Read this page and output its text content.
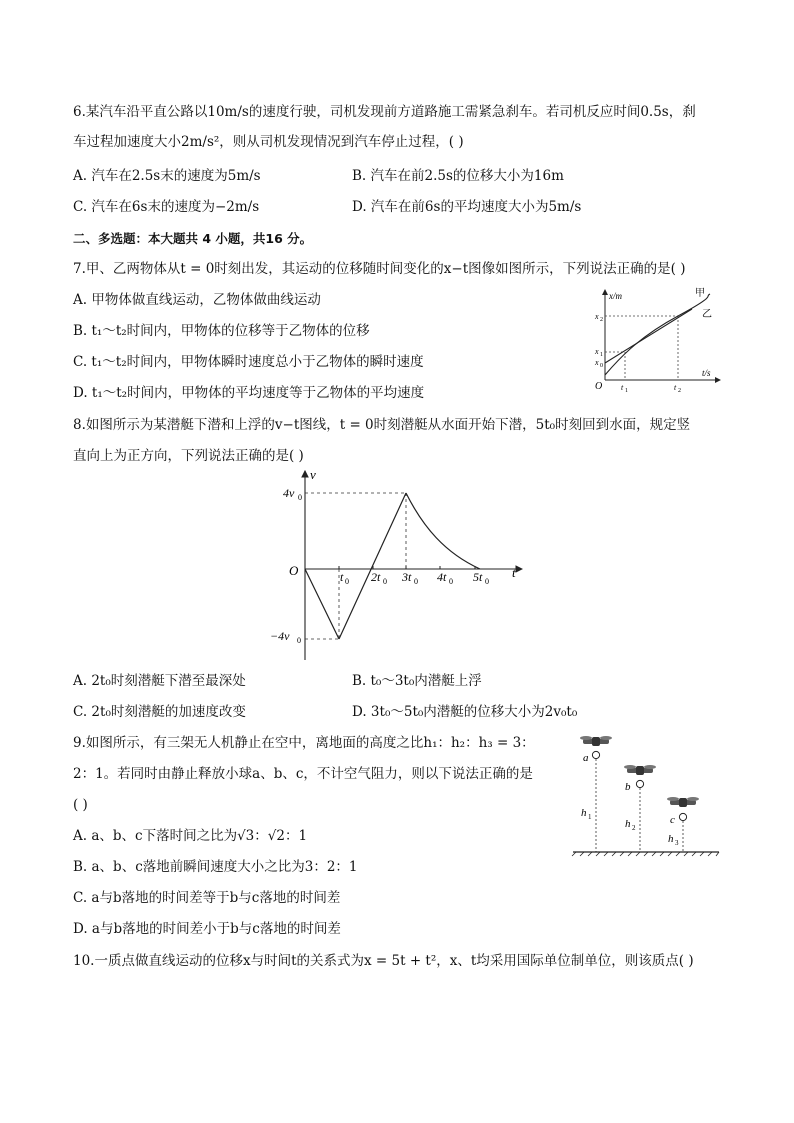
6.某汽车沿平直公路以10m/s的速度行驶，司机发现前方道路施工需紧急刹车。若司机反应时间0.5s，刹
车过程加速度大小2m/s²，则从司机发现情况到汽车停止过程，( )
A. 汽车在2.5s末的速度为5m/s	B. 汽车在前2.5s的位移大小为16m
C. 汽车在6s末的速度为−2m/s	D. 汽车在前6s的平均速度大小为5m/s
二、多选题：本大题共 4 小题，共16 分。
7.甲、乙两物体从t = 0时刻出发，其运动的位移随时间变化的x−t图像如图所示，下列说法正确的是( )
A. 甲物体做直线运动，乙物体做曲线运动
B. t₁～t₂时间内，甲物体的位移等于乙物体的位移
C. t₁～t₂时间内，甲物体瞬时速度总小于乙物体的瞬时速度
D. t₁～t₂时间内，甲物体的平均速度等于乙物体的平均速度
x/m
t/s
O
甲
乙
x 2
x 1
x 0
t 1	t 2
8.如图所示为某潜艇下潜和上浮的v−t图线，t = 0时刻潜艇从水面开始下潜，5t₀时刻回到水面，规定竖
直向上为正方向，下列说法正确的是( )
v
t
O
4v 0
−4v 0
t 0 2t 0 3t 0 4t 0 5t 0
A. 2t₀时刻潜艇下潜至最深处	B. t₀～3t₀内潜艇上浮
C. 2t₀时刻潜艇的加速度改变	D. 3t₀～5t₀内潜艇的位移大小为2v₀t₀
9.如图所示，有三架无人机静止在空中，离地面的高度之比h₁：h₂：h₃ = 3：
2：1。若同时由静止释放小球a、b、c，不计空气阻力，则以下说法正确的是
( )
A. a、b、c下落时间之比为√3：√2：1
B. a、b、c落地前瞬间速度大小之比为3：2：1
C. a与b落地的时间差等于b与c落地的时间差
D. a与b落地的时间差小于b与c落地的时间差
a
h 1
b
h 2
c
h 3
10.一质点做直线运动的位移x与时间t的关系式为x = 5t + t²，x、t均采用国际单位制单位，则该质点( )
